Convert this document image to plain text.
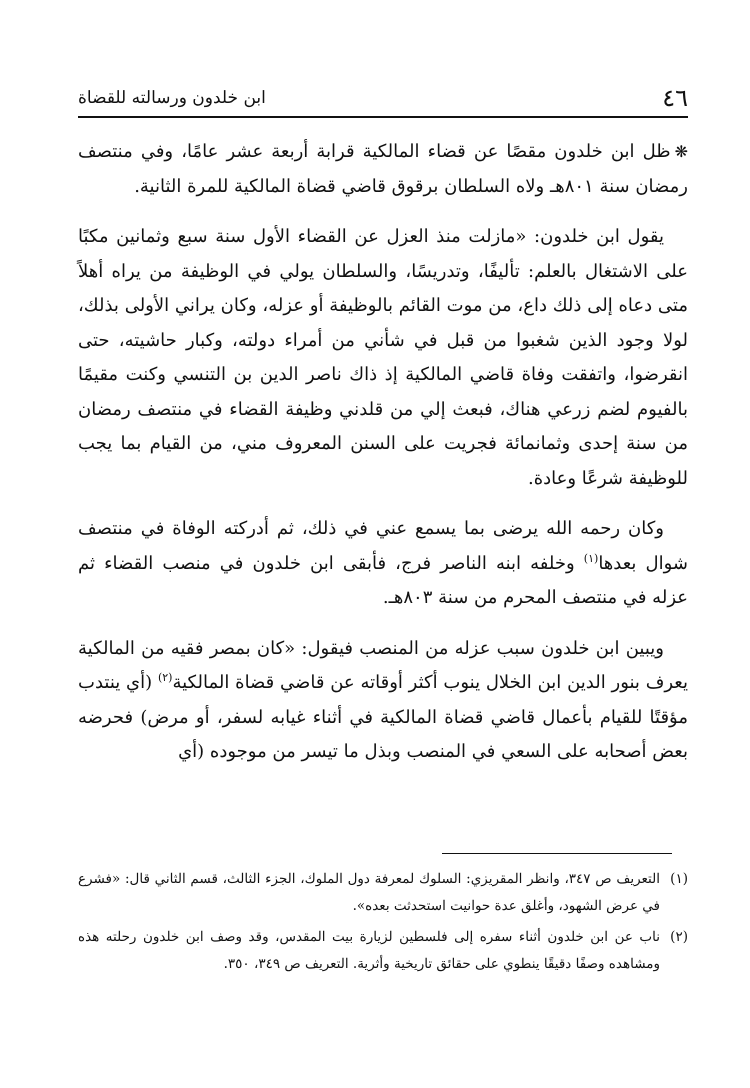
٤٦
ابن خلدون ورسالته للقضاة

❋ظل ابن خلدون مقصًا عن قضاء المالكية قرابة أربعة عشر عامًا، وفي منتصف رمضان سنة ٨٠١هـ ولاه السلطان برقوق قاضي قضاة المالكية للمرة الثانية.

يقول ابن خلدون: «مازلت منذ العزل عن القضاء الأول سنة سبع وثمانين مكبًا على الاشتغال بالعلم: تأليفًا، وتدريسًا، والسلطان يولي في الوظيفة من يراه أهلاً متى دعاه إلى ذلك داع، من موت القائم بالوظيفة أو عزله، وكان يراني الأولى بذلك، لولا وجود الذين شغبوا من قبل في شأني من أمراء دولته، وكبار حاشيته، حتى انقرضوا، واتفقت وفاة قاضي المالكية إذ ذاك ناصر الدين بن التنسي وكنت مقيمًا بالفيوم لضم زرعي هناك، فبعث إلي من قلدني وظيفة القضاء في منتصف رمضان من سنة إحدى وثمانمائة فجريت على السنن المعروف مني، من القيام بما يجب للوظيفة شرعًا وعادة.

وكان رحمه الله يرضى بما يسمع عني في ذلك، ثم أدركته الوفاة في منتصف شوال بعدها$^{(١)}$ وخلفه ابنه الناصر فرج، فأبقى ابن خلدون في منصب القضاء ثم عزله في منتصف المحرم من سنة ٨٠٣هـ.

ويبين ابن خلدون سبب عزله من المنصب فيقول: «كان بمصر فقيه من المالكية يعرف بنور الدين ابن الخلال ينوب أكثر أوقاته عن قاضي قضاة المالكية$^{(٢)}$ (أي ينتدب مؤقتًا للقيام بأعمال قاضي قضاة المالكية في أثناء غيابه لسفر، أو مرض) فحرضه بعض أصحابه على السعي في المنصب وبذل ما تيسر من موجوده (أي

(١)التعريف ص ٣٤٧، وانظر المقريزي: السلوك لمعرفة دول الملوك، الجزء الثالث، قسم الثاني قال: «فشرع في عرض الشهود، وأغلق عدة حوانيت استحدثت بعده».
(٢)ناب عن ابن خلدون أثناء سفره إلى فلسطين لزيارة بيت المقدس، وقد وصف ابن خلدون رحلته هذه ومشاهده وصفًا دقيقًا ينطوي على حقائق تاريخية وأثرية. التعريف ص ٣٤٩، ٣٥٠.
